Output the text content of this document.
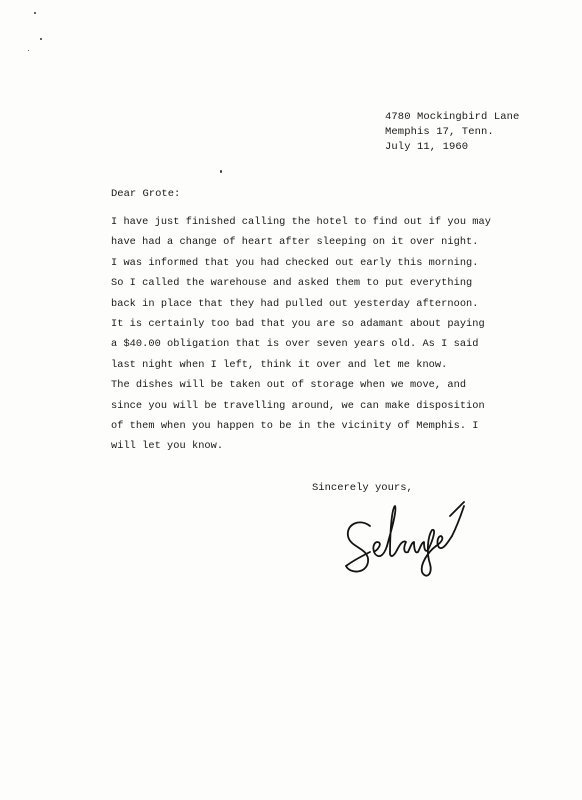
4780 Mockingbird Lane
Memphis 17, Tenn.
July 11, 1960
Dear Grote:
I have just finished calling the hotel to find out if you may
have had a change of heart after sleeping on it over night.
I was informed that you had checked out early this morning.
So I called the warehouse and asked them to put everything
back in place that they had pulled out yesterday afternoon.
It is certainly too bad that you are so adamant about paying
a $40.00 obligation that is over seven years old. As I said
last night when I left, think it over and let me know.
The dishes will be taken out of storage when we move, and
since you will be travelling around, we can make disposition
of them when you happen to be in the vicinity of Memphis. I
will let you know.
Sincerely yours,
